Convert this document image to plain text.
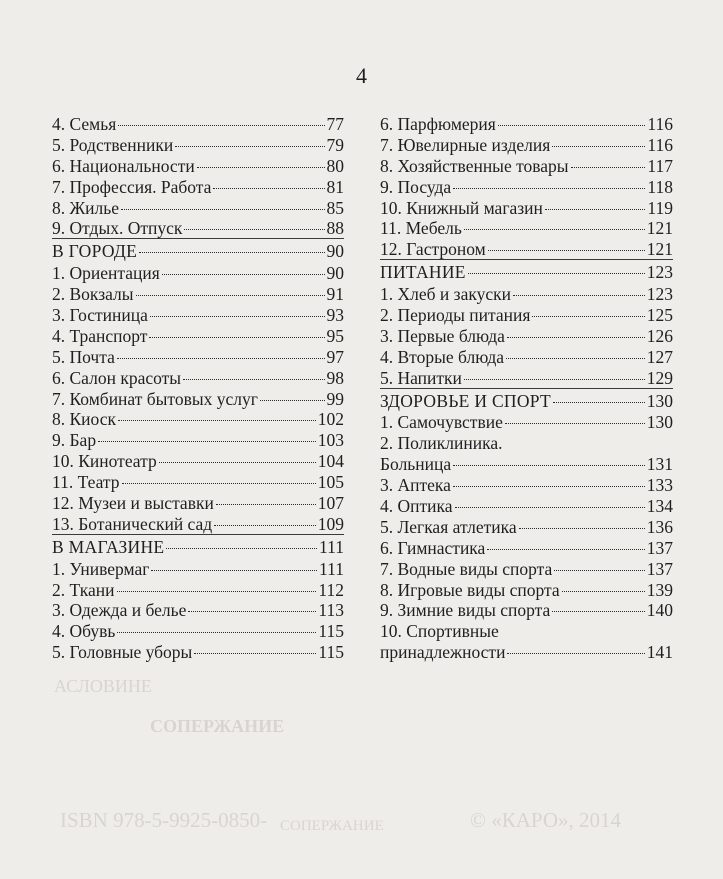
4
4. Семья	77
5. Родственники	79
6. Национальности	80
7. Профессия. Работа	81
8. Жилье	85
9. Отдых. Отпуск	88
В ГОРОДЕ	90
1. Ориентация	90
2. Вокзалы	91
3. Гостиница	93
4. Транспорт	95
5. Почта	97
6. Салон красоты	98
7. Комбинат бытовых услуг	99
8. Киоск	102
9. Бар	103
10. Кинотеатр	104
11. Театр	105
12. Музеи и выставки	107
13. Ботанический сад	109
В МАГАЗИНЕ	111
1. Универмаг	111
2. Ткани	112
3. Одежда и белье	113
4. Обувь	115
5. Головные уборы	115
6. Парфюмерия	116
7. Ювелирные изделия	116
8. Хозяйственные товары	117
9. Посуда	118
10. Книжный магазин	119
11. Мебель	121
12. Гастроном	121
ПИТАНИЕ	123
1. Хлеб и закуски	123
2. Периоды питания	125
3. Первые блюда	126
4. Вторые блюда	127
5. Напитки	129
ЗДОРОВЬЕ И СПОРТ	130
1. Самочувствие	130
2. Поликлиника.
Больница	131
3. Аптека	133
4. Оптика	134
5. Легкая атлетика	136
6. Гимнастика	137
7. Водные виды спорта	137
8. Игровые виды спорта	139
9. Зимние виды спорта	140
10. Спортивные
принадлежности	141
АСЛОВИНЕ
СОПЕРЖАНИЕ
ISBN 978-5-9925-0850- СОПЕРЖАНИЕ	© «КАРО», 2014
